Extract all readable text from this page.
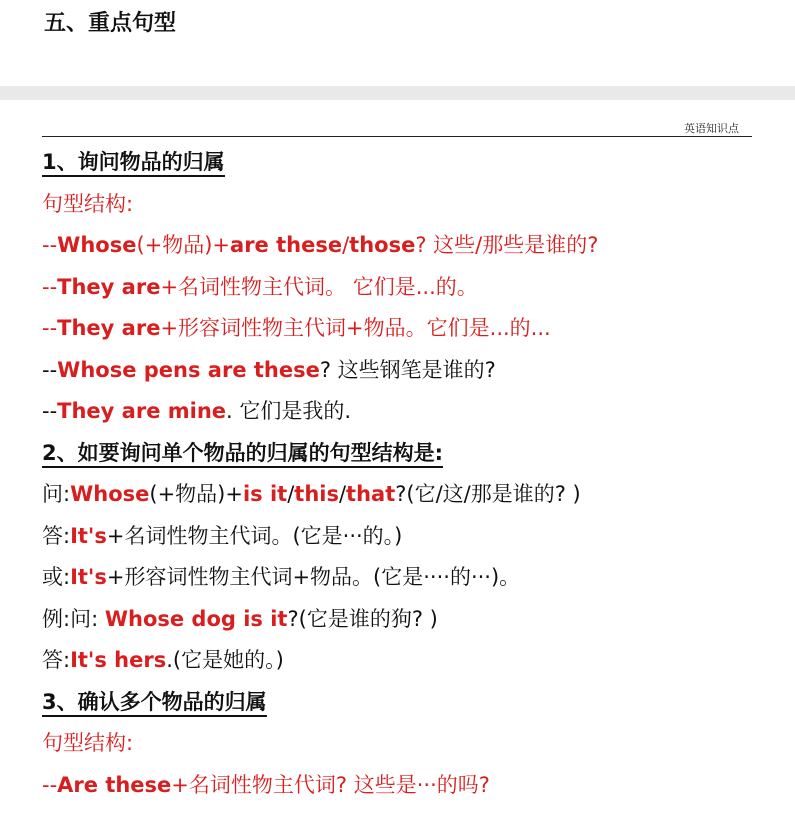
五、重点句型
英语知识点
1、询问物品的归属
句型结构:
--Whose(+物品)+are these/those? 这些/那些是谁的?
--They are+名词性物主代词。 它们是...的。
--They are+形容词性物主代词+物品。它们是...的...
--Whose pens are these? 这些钢笔是谁的?
--They are mine. 它们是我的.
2、如要询问单个物品的归属的句型结构是:
问:Whose(+物品)+is it/this/that?(它/这/那是谁的? )
答:It's+名词性物主代词。(它是···的。)
或:It's+形容词性物主代词+物品。(它是····的···)。
例:问: Whose dog is it?(它是谁的狗? )
答:It's hers.(它是她的。)
3、确认多个物品的归属
句型结构:
--Are these+名词性物主代词? 这些是···的吗?
